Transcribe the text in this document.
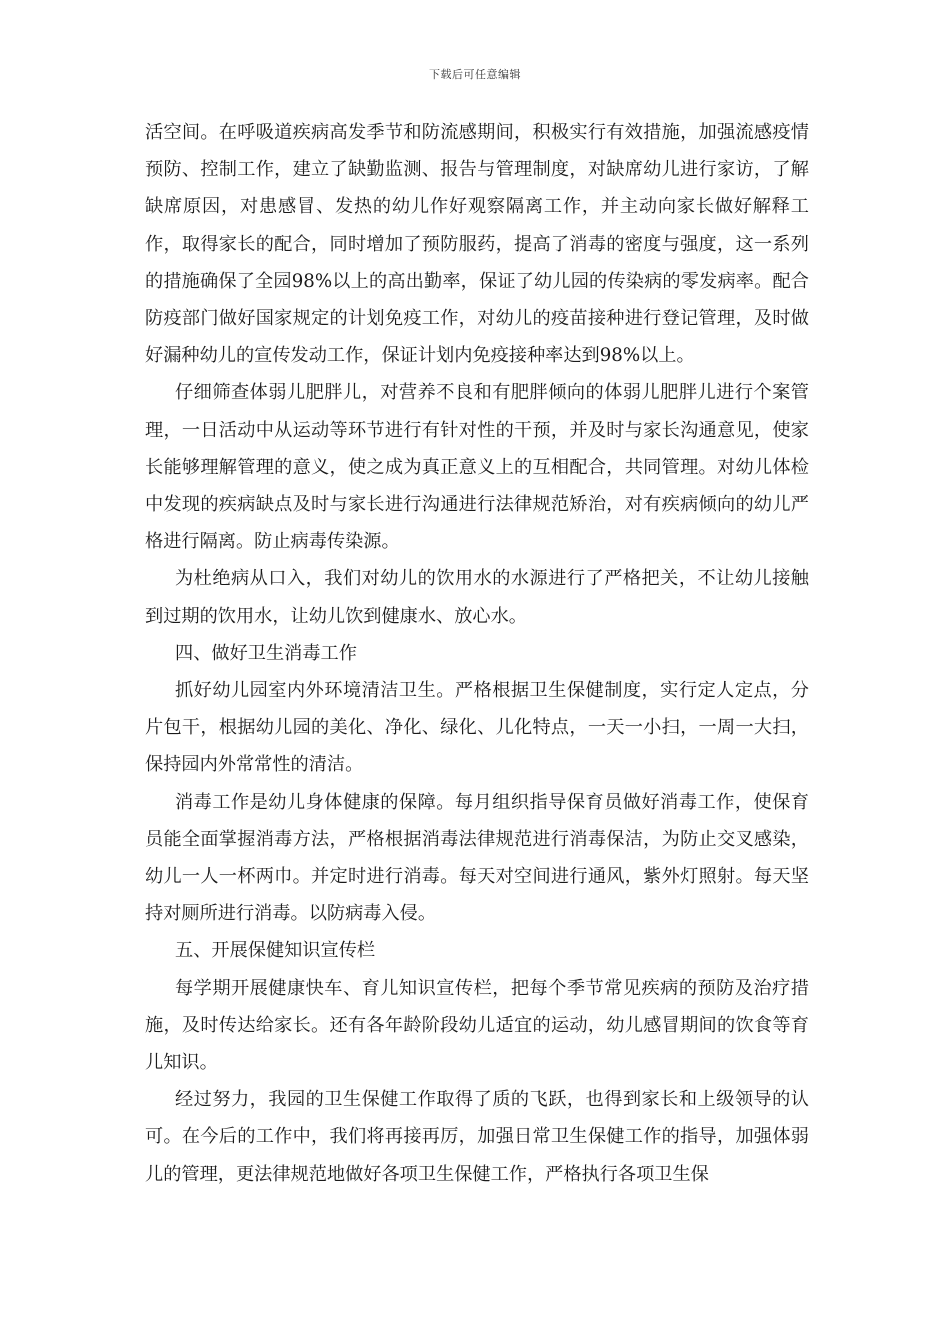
下载后可任意编辑

活空间。在呼吸道疾病高发季节和防流感期间，积极实行有效措施，加强流感疫情预防、控制工作，建立了缺勤监测、报告与管理制度，对缺席幼儿进行家访，了解缺席原因，对患感冒、发热的幼儿作好观察隔离工作，并主动向家长做好解释工作，取得家长的配合，同时增加了预防服药，提高了消毒的密度与强度，这一系列的措施确保了全园98%以上的高出勤率，保证了幼儿园的传染病的零发病率。配合防疫部门做好国家规定的计划免疫工作，对幼儿的疫苗接种进行登记管理，及时做好漏种幼儿的宣传发动工作，保证计划内免疫接种率达到98%以上。

仔细筛查体弱儿肥胖儿，对营养不良和有肥胖倾向的体弱儿肥胖儿进行个案管理，一日活动中从运动等环节进行有针对性的干预，并及时与家长沟通意见，使家长能够理解管理的意义，使之成为真正意义上的互相配合，共同管理。对幼儿体检中发现的疾病缺点及时与家长进行沟通进行法律规范矫治，对有疾病倾向的幼儿严格进行隔离。防止病毒传染源。

为杜绝病从口入，我们对幼儿的饮用水的水源进行了严格把关，不让幼儿接触到过期的饮用水，让幼儿饮到健康水、放心水。

四、做好卫生消毒工作

抓好幼儿园室内外环境清洁卫生。严格根据卫生保健制度，实行定人定点，分片包干，根据幼儿园的美化、净化、绿化、儿化特点，一天一小扫，一周一大扫，保持园内外常常性的清洁。

消毒工作是幼儿身体健康的保障。每月组织指导保育员做好消毒工作，使保育员能全面掌握消毒方法，严格根据消毒法律规范进行消毒保洁，为防止交叉感染，幼儿一人一杯两巾。并定时进行消毒。每天对空间进行通风，紫外灯照射。每天坚持对厕所进行消毒。以防病毒入侵。

五、开展保健知识宣传栏

每学期开展健康快车、育儿知识宣传栏，把每个季节常见疾病的预防及治疗措施，及时传达给家长。还有各年龄阶段幼儿适宜的运动，幼儿感冒期间的饮食等育儿知识。

经过努力，我园的卫生保健工作取得了质的飞跃，也得到家长和上级领导的认可。在今后的工作中，我们将再接再厉，加强日常卫生保健工作的指导，加强体弱儿的管理，更法律规范地做好各项卫生保健工作，严格执行各项卫生保
